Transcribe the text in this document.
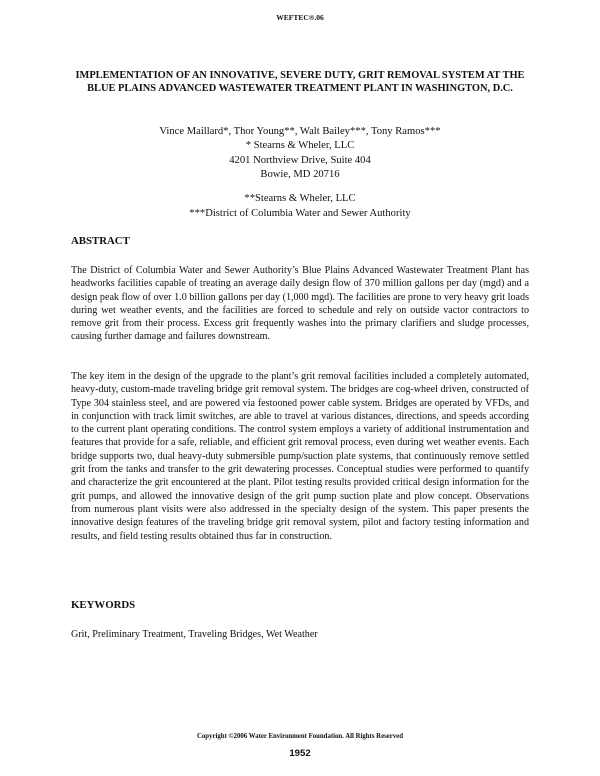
WEFTEC®.06
IMPLEMENTATION OF AN INNOVATIVE, SEVERE DUTY, GRIT REMOVAL SYSTEM AT THE BLUE PLAINS ADVANCED WASTEWATER TREATMENT PLANT IN WASHINGTON, D.C.
Vince Maillard*, Thor Young**, Walt Bailey***, Tony Ramos***
* Stearns & Wheler, LLC
4201 Northview Drive, Suite 404
Bowie, MD 20716
**Stearns & Wheler, LLC
***District of Columbia Water and Sewer Authority
ABSTRACT
The District of Columbia Water and Sewer Authority’s Blue Plains Advanced Wastewater Treatment Plant has headworks facilities capable of treating an average daily design flow of 370 million gallons per day (mgd) and a design peak flow of over 1.0 billion gallons per day (1,000 mgd). The facilities are prone to very heavy grit loads during wet weather events, and the facilities are forced to schedule and rely on outside vactor contractors to remove grit from their process. Excess grit frequently washes into the primary clarifiers and sludge processes, causing further damage and failures downstream.
The key item in the design of the upgrade to the plant’s grit removal facilities included a completely automated, heavy-duty, custom-made traveling bridge grit removal system. The bridges are cog-wheel driven, constructed of Type 304 stainless steel, and are powered via festooned power cable system. Bridges are operated by VFDs, and in conjunction with track limit switches, are able to travel at various distances, directions, and speeds according to the current plant operating conditions. The control system employs a variety of additional instrumentation and features that provide for a safe, reliable, and efficient grit removal process, even during wet weather events. Each bridge supports two, dual heavy-duty submersible pump/suction plate systems, that continuously remove settled grit from the tanks and transfer to the grit dewatering processes. Conceptual studies were performed to quantify and characterize the grit encountered at the plant. Pilot testing results provided critical design information for the grit pumps, and allowed the innovative design of the grit pump suction plate and plow concept. Observations from numerous plant visits were also addressed in the specialty design of the system. This paper presents the innovative design features of the traveling bridge grit removal system, pilot and factory testing information and results, and field testing results obtained thus far in construction.
KEYWORDS
Grit, Preliminary Treatment, Traveling Bridges, Wet Weather
Copyright ©2006 Water Environment Foundation. All Rights Reserved
1952
